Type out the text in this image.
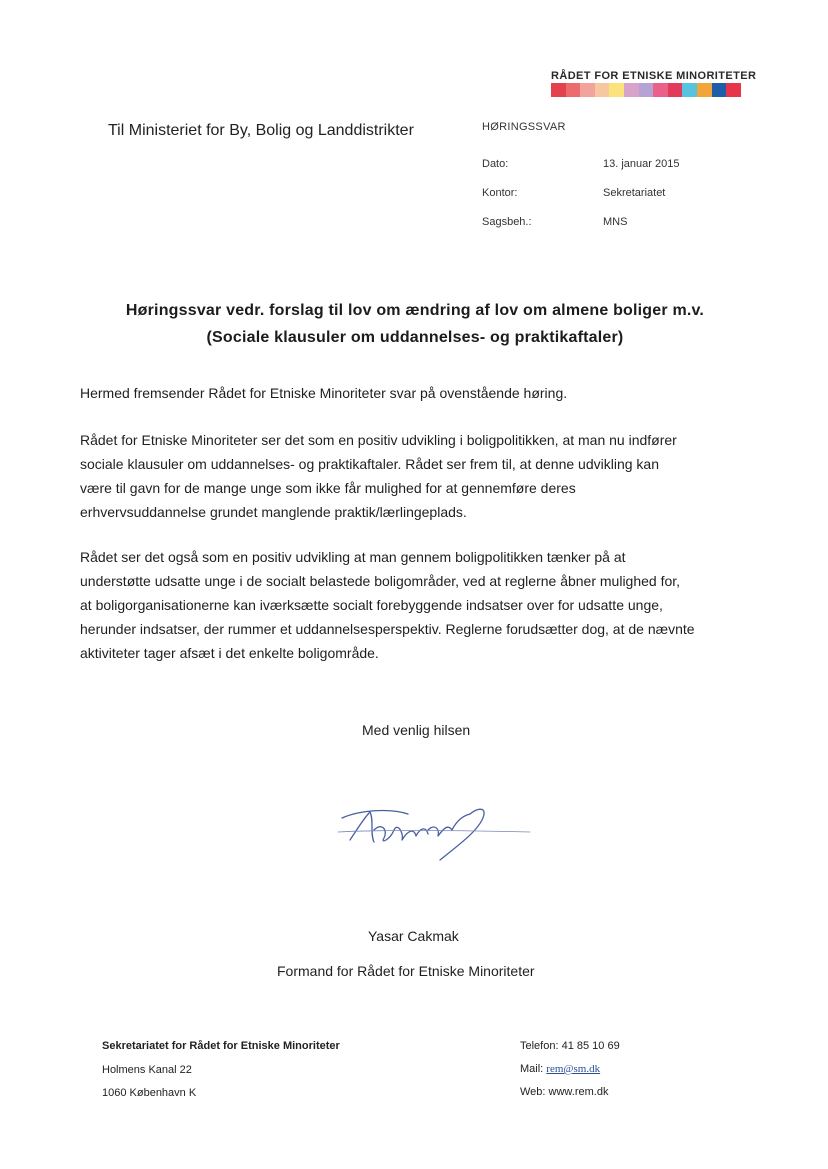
RÅDET FOR ETNISKE MINORITETER
Til Ministeriet for By, Bolig og Landdistrikter	HØRINGSSVAR
Dato:	13. januar 2015
Kontor:	Sekretariatet
Sagsbeh.:	MNS
Høringssvar vedr. forslag til lov om ændring af lov om almene boliger m.v.
(Sociale klausuler om uddannelses- og praktikaftaler)
Hermed fremsender Rådet for Etniske Minoriteter svar på ovenstående høring.
Rådet for Etniske Minoriteter ser det som en positiv udvikling i boligpolitikken, at man nu indfører
sociale klausuler om uddannelses- og praktikaftaler. Rådet ser frem til, at denne udvikling kan
være til gavn for de mange unge som ikke får mulighed for at gennemføre deres
erhvervsuddannelse grundet manglende praktik/lærlingeplads.
Rådet ser det også som en positiv udvikling at man gennem boligpolitikken tænker på at
understøtte udsatte unge i de socialt belastede boligområder, ved at reglerne åbner mulighed for,
at boligorganisationerne kan iværksætte socialt forebyggende indsatser over for udsatte unge,
herunder indsatser, der rummer et uddannelsesperspektiv. Reglerne forudsætter dog, at de nævnte
aktiviteter tager afsæt i det enkelte boligområde.
Med venlig hilsen
Yasar Cakmak
Formand for Rådet for Etniske Minoriteter
Sekretariatet for Rådet for Etniske Minoriteter
Holmens Kanal 22
1060 København K
Telefon: 41 85 10 69
Mail: rem@sm.dk
Web: www.rem.dk
